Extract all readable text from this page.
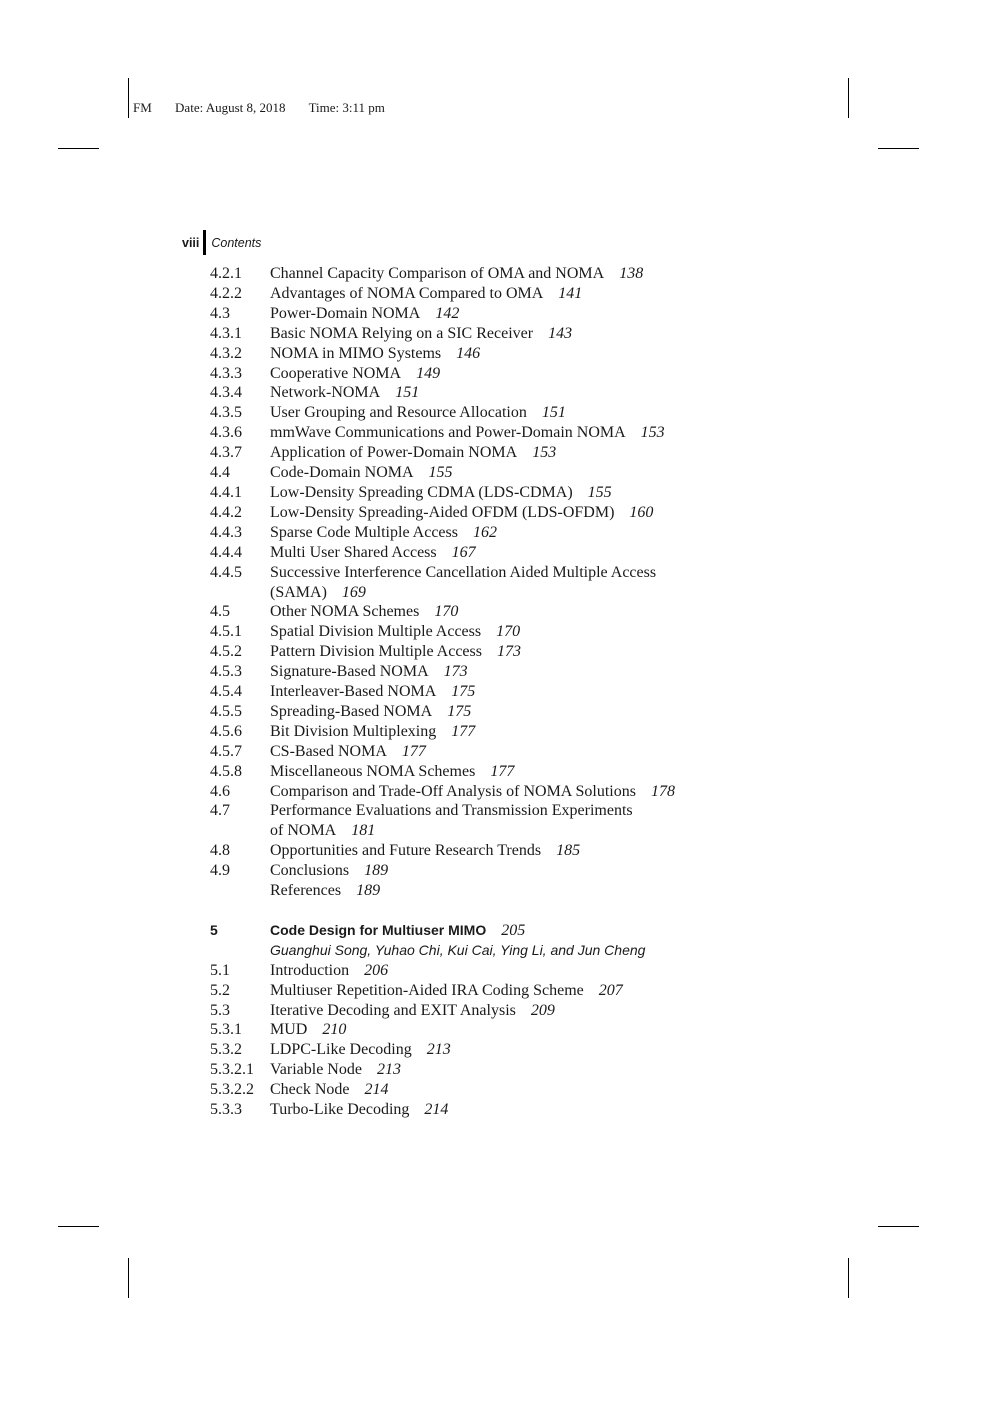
FM Date: August 8, 2018 Time: 3:11 pm
viii Contents
4.2.1	Channel Capacity Comparison of OMA and NOMA 138
4.2.2	Advantages of NOMA Compared to OMA 141
4.3	Power-Domain NOMA 142
4.3.1	Basic NOMA Relying on a SIC Receiver 143
4.3.2	NOMA in MIMO Systems 146
4.3.3	Cooperative NOMA 149
4.3.4	Network-NOMA 151
4.3.5	User Grouping and Resource Allocation 151
4.3.6	mmWave Communications and Power-Domain NOMA 153
4.3.7	Application of Power-Domain NOMA 153
4.4	Code-Domain NOMA 155
4.4.1	Low-Density Spreading CDMA (LDS-CDMA) 155
4.4.2	Low-Density Spreading-Aided OFDM (LDS-OFDM) 160
4.4.3	Sparse Code Multiple Access 162
4.4.4	Multi User Shared Access 167
4.4.5	Successive Interference Cancellation Aided Multiple Access
(SAMA) 169
4.5	Other NOMA Schemes 170
4.5.1	Spatial Division Multiple Access 170
4.5.2	Pattern Division Multiple Access 173
4.5.3	Signature-Based NOMA 173
4.5.4	Interleaver-Based NOMA 175
4.5.5	Spreading-Based NOMA 175
4.5.6	Bit Division Multiplexing 177
4.5.7	CS-Based NOMA 177
4.5.8	Miscellaneous NOMA Schemes 177
4.6	Comparison and Trade-Off Analysis of NOMA Solutions 178
4.7	Performance Evaluations and Transmission Experiments
of NOMA 181
4.8	Opportunities and Future Research Trends 185
4.9	Conclusions 189
References 189
5	Code Design for Multiuser MIMO 205
Guanghui Song, Yuhao Chi, Kui Cai, Ying Li, and Jun Cheng
5.1	Introduction 206
5.2	Multiuser Repetition-Aided IRA Coding Scheme 207
5.3	Iterative Decoding and EXIT Analysis 209
5.3.1	MUD 210
5.3.2	LDPC-Like Decoding 213
5.3.2.1	Variable Node 213
5.3.2.2	Check Node 214
5.3.3	Turbo-Like Decoding 214
